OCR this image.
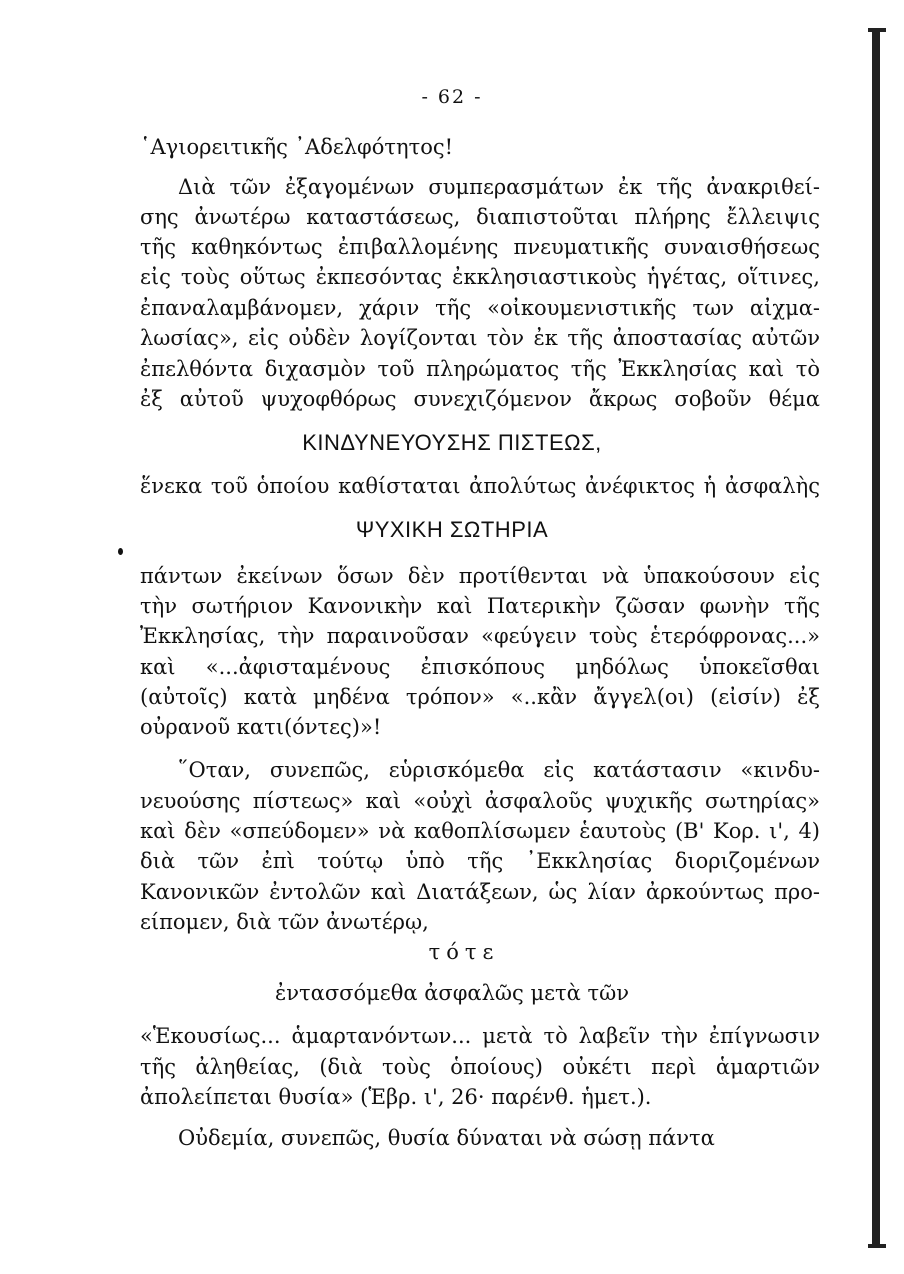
- 62 -
῾Αγιορειτικῆς ᾿Αδελφότητος!
Διὰ τῶν ἐξαγομένων συμπερασμάτων ἐκ τῆς ἀνακριθεί-
σης ἀνωτέρω καταστάσεως, διαπιστοῦται πλήρης ἔλλειψις
τῆς καθηκόντως ἐπιβαλλομένης πνευματικῆς συναισθήσεως
εἰς τοὺς οὕτως ἐκπεσόντας ἐκκλησιαστικοὺς ἡγέτας, οἵτινες,
ἐπαναλαμβάνομεν, χάριν τῆς «οἰκουμενιστικῆς των αἰχμα-
λωσίας», εἰς οὐδὲν λογίζονται τὸν ἐκ τῆς ἀποστασίας αὐτῶν
ἐπελθόντα διχασμὸν τοῦ πληρώματος τῆς Ἐκκλησίας καὶ τὸ
ἐξ αὐτοῦ ψυχοφθόρως συνεχιζόμενον ἄκρως σοβοῦν θέμα
ΚΙΝΔΥΝΕΥΟΥΣΗΣ ΠΙΣΤΕΩΣ,
ἕνεκα τοῦ ὁποίου καθίσταται ἀπολύτως ἀνέφικτος ἡ ἀσφαλὴς
ΨΥΧΙΚΗ ΣΩΤΗΡΙΑ
πάντων ἐκείνων ὅσων δὲν προτίθενται νὰ ὑπακούσουν εἰς
τὴν σωτήριον Κανονικὴν καὶ Πατερικὴν ζῶσαν φωνὴν τῆς
Ἐκκλησίας, τὴν παραινοῦσαν «φεύγειν τοὺς ἑτερόφρονας...»
καὶ «...ἀφισταμένους ἐπισκόπους μηδόλως ὑποκεῖσθαι
(αὐτοῖς) κατὰ μηδένα τρόπον» «..κἂν ἄγγελ(οι) (εἰσίν) ἐξ
οὐρανοῦ κατι(όντες)»!
῞Οταν, συνεπῶς, εὑρισκόμεθα εἰς κατάστασιν «κινδυ-
νευούσης πίστεως» καὶ «οὐχὶ ἀσφαλοῦς ψυχικῆς σωτηρίας»
καὶ δὲν «σπεύδομεν» νὰ καθοπλίσωμεν ἑαυτοὺς (Β' Κορ. ι', 4)
διὰ τῶν ἐπὶ τούτῳ ὑπὸ τῆς ᾿Εκκλησίας διοριζομένων
Κανονικῶν ἐντολῶν καὶ Διατάξεων, ὡς λίαν ἀρκούντως προ-
είπομεν, διὰ τῶν ἀνωτέρῳ,
τότε
ἐντασσόμεθα ἀσφαλῶς μετὰ τῶν
«Ἑκουσίως... ἁμαρτανόντων... μετὰ τὸ λαβεῖν τὴν ἐπίγνωσιν
τῆς ἀληθείας, (διὰ τοὺς ὁποίους) οὐκέτι περὶ ἁμαρτιῶν
ἀπολείπεται θυσία» (Ἑβρ. ι', 26· παρένθ. ἡμετ.).
Οὐδεμία, συνεπῶς, θυσία δύναται νὰ σώσῃ πάντα
